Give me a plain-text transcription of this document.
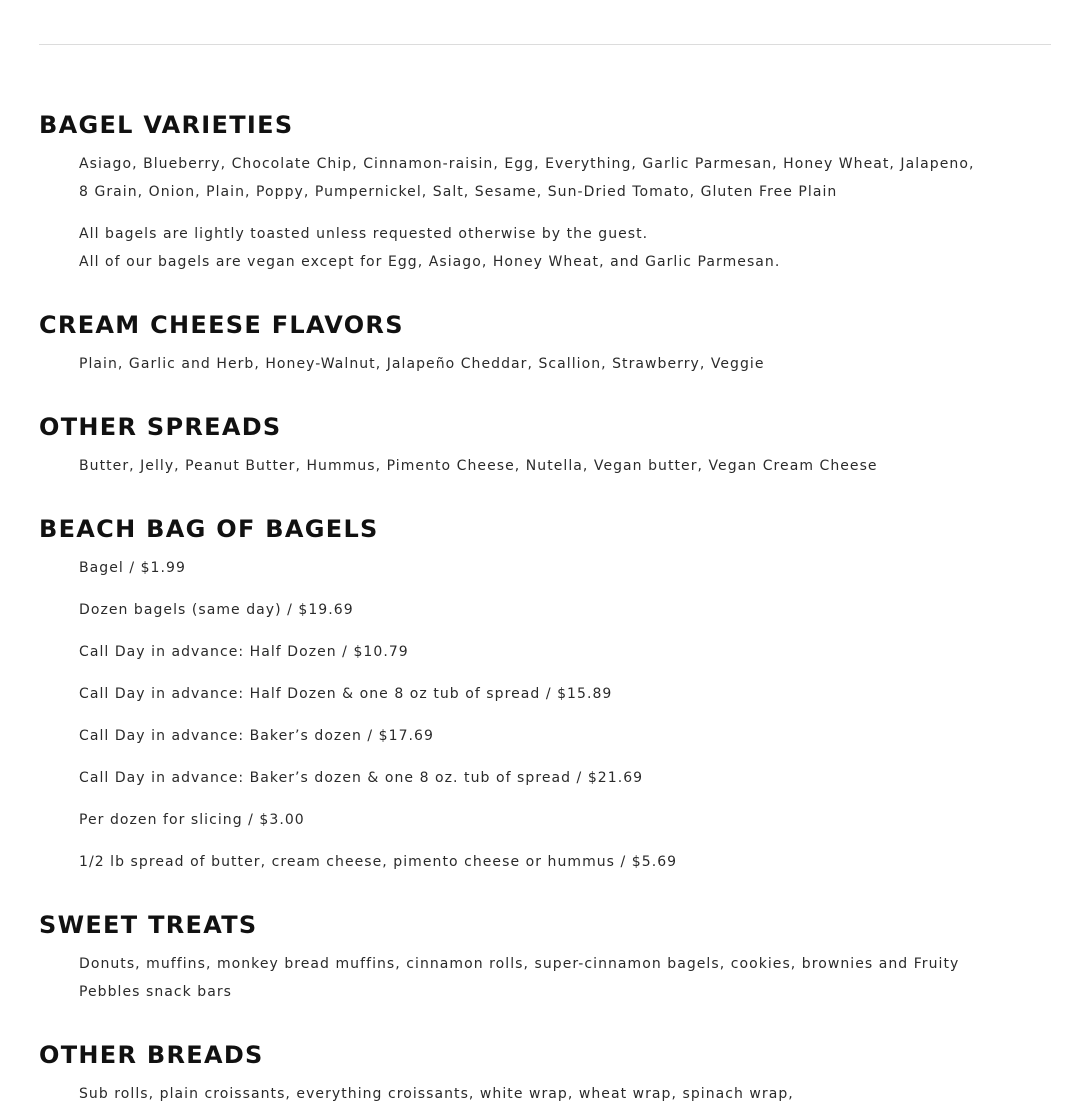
BAGEL VARIETIES

Asiago, Blueberry, Chocolate Chip, Cinnamon-raisin, Egg, Everything, Garlic Parmesan, Honey Wheat, Jalapeno,

8 Grain, Onion, Plain, Poppy, Pumpernickel, Salt, Sesame, Sun-Dried Tomato, Gluten Free Plain

All bagels are lightly toasted unless requested otherwise by the guest.

All of our bagels are vegan except for Egg, Asiago, Honey Wheat, and Garlic Parmesan.

CREAM CHEESE FLAVORS

Plain, Garlic and Herb, Honey-Walnut, Jalapeño Cheddar, Scallion, Strawberry, Veggie

OTHER SPREADS

Butter, Jelly, Peanut Butter, Hummus, Pimento Cheese, Nutella, Vegan butter, Vegan Cream Cheese

BEACH BAG OF BAGELS

Bagel / $1.99

Dozen bagels (same day) / $19.69

Call Day in advance: Half Dozen / $10.79

Call Day in advance: Half Dozen & one 8 oz tub of spread / $15.89

Call Day in advance: Baker’s dozen / $17.69

Call Day in advance: Baker’s dozen & one 8 oz. tub of spread / $21.69

Per dozen for slicing / $3.00

1/2 lb spread of butter, cream cheese, pimento cheese or hummus / $5.69

SWEET TREATS

Donuts, muffins, monkey bread muffins, cinnamon rolls, super-cinnamon bagels, cookies, brownies and Fruity

Pebbles snack bars

OTHER BREADS

Sub rolls, plain croissants, everything croissants, white wrap, wheat wrap, spinach wrap,
